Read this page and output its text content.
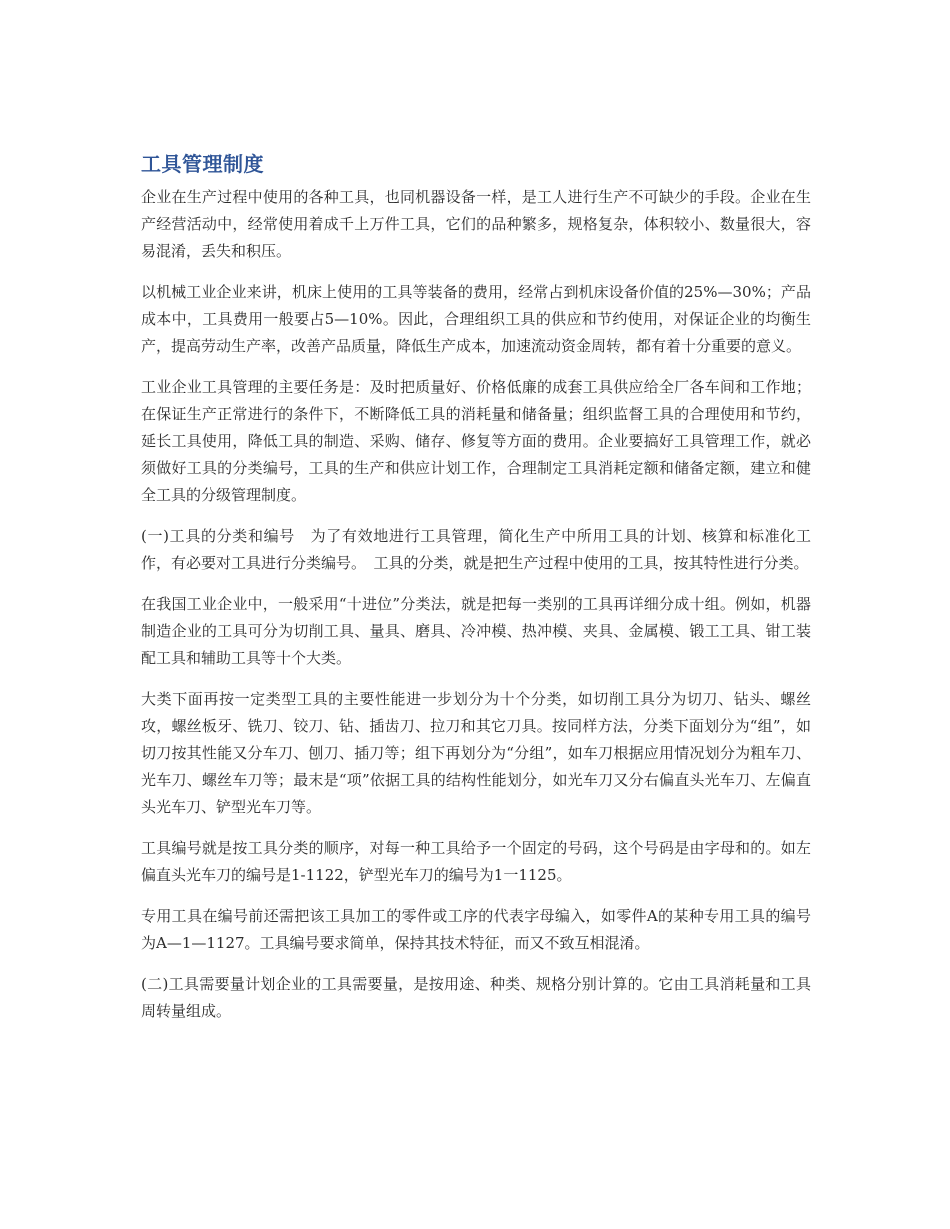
工具管理制度

企业在生产过程中使用的各种工具，也同机器设备一样，是工人进行生产不可缺少的手段。企业在生产经营活动中，经常使用着成千上万件工具，它们的品种繁多，规格复杂，体积较小、数量很大，容易混淆，丢失和积压。

以机械工业企业来讲，机床上使用的工具等装备的费用，经常占到机床设备价值的25%—30%；产品成本中，工具费用一般要占5—10%。因此，合理组织工具的供应和节约使用，对保证企业的均衡生产，提高劳动生产率，改善产品质量，降低生产成本，加速流动资金周转，都有着十分重要的意义。

工业企业工具管理的主要任务是：及时把质量好、价格低廉的成套工具供应给全厂各车间和工作地；在保证生产正常进行的条件下，不断降低工具的消耗量和储备量；组织监督工具的合理使用和节约，延长工具使用，降低工具的制造、采购、储存、修复等方面的费用。企业要搞好工具管理工作，就必须做好工具的分类编号，工具的生产和供应计划工作，合理制定工具消耗定额和储备定额，建立和健全工具的分级管理制度。

(一)工具的分类和编号　为了有效地进行工具管理，简化生产中所用工具的计划、核算和标准化工作，有必要对工具进行分类编号。　工具的分类，就是把生产过程中使用的工具，按其特性进行分类。

在我国工业企业中，一般采用“十进位”分类法，就是把每一类别的工具再详细分成十组。例如，机器制造企业的工具可分为切削工具、量具、磨具、冷冲模、热冲模、夹具、金属模、锻工工具、钳工装配工具和辅助工具等十个大类。

大类下面再按一定类型工具的主要性能进一步划分为十个分类，如切削工具分为切刀、钻头、螺丝攻，螺丝板牙、铣刀、铰刀、钻、插齿刀、拉刀和其它刀具。按同样方法，分类下面划分为“组”，如切刀按其性能又分车刀、刨刀、插刀等；组下再划分为“分组”，如车刀根据应用情况划分为粗车刀、光车刀、螺丝车刀等；最末是“项”依据工具的结构性能划分，如光车刀又分右偏直头光车刀、左偏直头光车刀、铲型光车刀等。

工具编号就是按工具分类的顺序，对每一种工具给予一个固定的号码，这个号码是由字母和的。如左偏直头光车刀的编号是1-1122，铲型光车刀的编号为1一1125。

专用工具在编号前还需把该工具加工的零件或工序的代表字母编入，如零件A的某种专用工具的编号为A—1—1127。工具编号要求简单，保持其技术特征，而又不致互相混淆。

(二)工具需要量计划企业的工具需要量，是按用途、种类、规格分别计算的。它由工具消耗量和工具周转量组成。
